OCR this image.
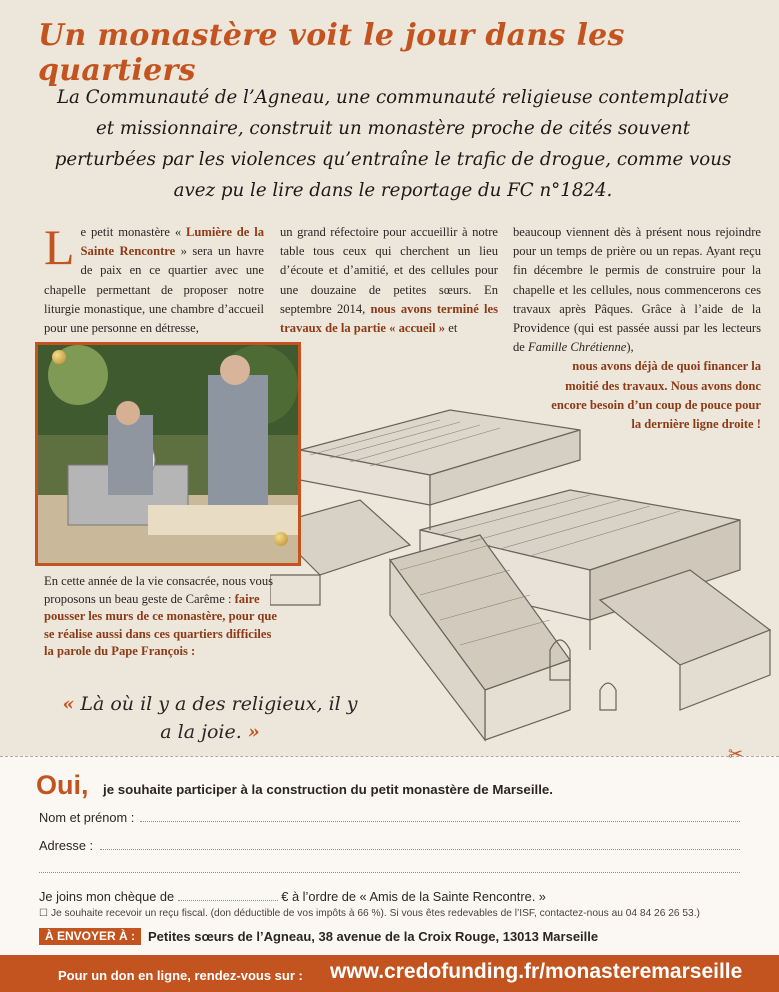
Un monastère voit le jour dans les quartiers
La Communauté de l’Agneau, une communauté religieuse contemplative et missionnaire, construit un monastère proche de cités souvent perturbées par les violences qu’entraîne le trafic de drogue, comme vous avez pu le lire dans le reportage du FC n°1824.
Le petit monastère « Lumière de la Sainte Rencontre » sera un havre de paix en ce quartier avec une chapelle permettant de proposer notre liturgie monastique, une chambre d’accueil pour une personne en détresse,
un grand réfectoire pour accueillir à notre table tous ceux qui cherchent un lieu d’écoute et d’amitié, et des cellules pour une douzaine de petites sœurs. En septembre 2014, nous avons terminé les travaux de la partie « accueil » et
beaucoup viennent dès à présent nous rejoindre pour un temps de prière ou un repas. Ayant reçu fin décembre le permis de construire pour la chapelle et les cellules, nous commencerons ces travaux après Pâques. Grâce à l’aide de la Providence (qui est passée aussi par les lecteurs de Famille Chrétienne),
nous avons déjà de quoi financer la moitié des travaux. Nous avons donc encore besoin d’un coup de pouce pour la dernière ligne droite !
En cette année de la vie consacrée, nous vous proposons un beau geste de Carême : faire pousser les murs de ce monastère, pour que se réalise aussi dans ces quartiers difficiles la parole du Pape François :
« Là où il y a des religieux, il y a la joie. »
✂
Oui, je souhaite participer à la construction du petit monastère de Marseille.
Nom et prénom :
Adresse :
Je joins mon chèque de	€ à l’ordre de « Amis de la Sainte Rencontre. »
☐ Je souhaite recevoir un reçu fiscal. (don déductible de vos impôts à 66 %). Si vous êtes redevables de l’ISF, contactez-nous au 04 84 26 26 53.)
À ENVOYER À : Petites sœurs de l’Agneau, 38 avenue de la Croix Rouge, 13013 Marseille
Pour un don en ligne, rendez-vous sur : www.credofunding.fr/monasteremarseille
